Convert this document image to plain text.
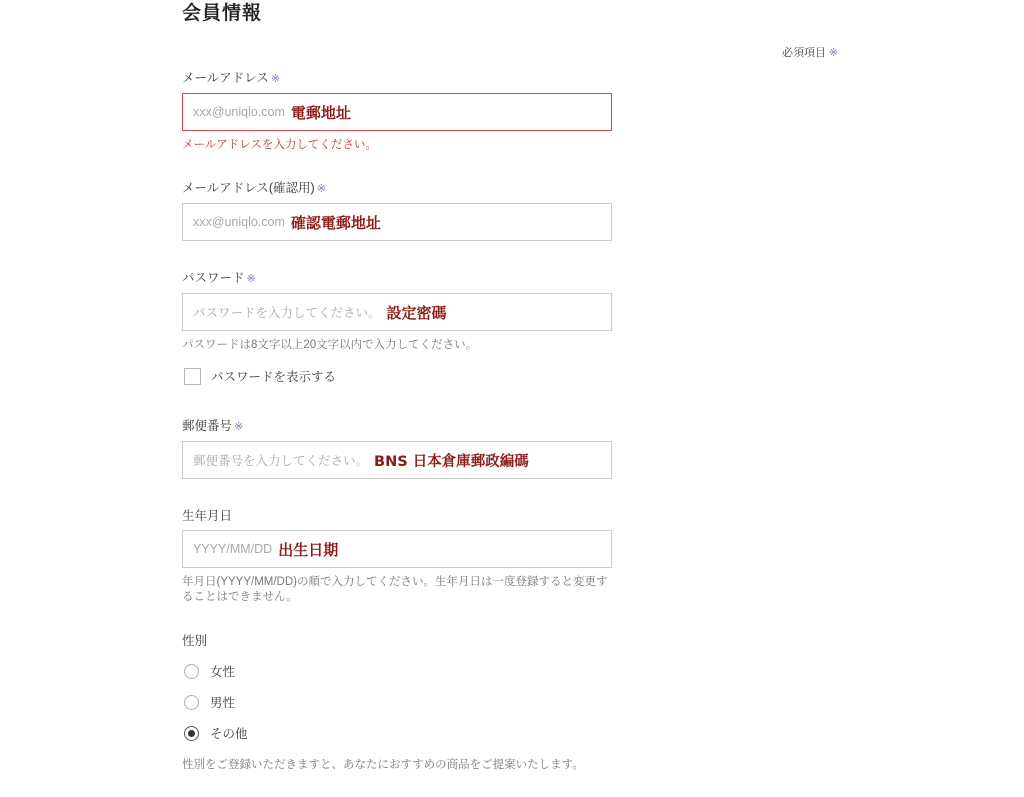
会員情報
必須項目 ※
メールアドレス ※
xxx@uniqlo.com 電郵地址
メールアドレスを入力してください。
メールアドレス(確認用) ※
xxx@uniqlo.com 確認電郵地址
パスワード ※
パスワードを入力してください。 設定密碼
パスワードは8文字以上20文字以内で入力してください。
パスワードを表示する
郵便番号 ※
郵便番号を入力してください。 BNS 日本倉庫郵政編碼
生年月日
YYYY/MM/DD 出生日期
年月日(YYYY/MM/DD)の順で入力してください。生年月日は一度登録すると変更することはできません。
性別
女性
男性
その他
性別をご登録いただきますと、あなたにおすすめの商品をご提案いたします。
